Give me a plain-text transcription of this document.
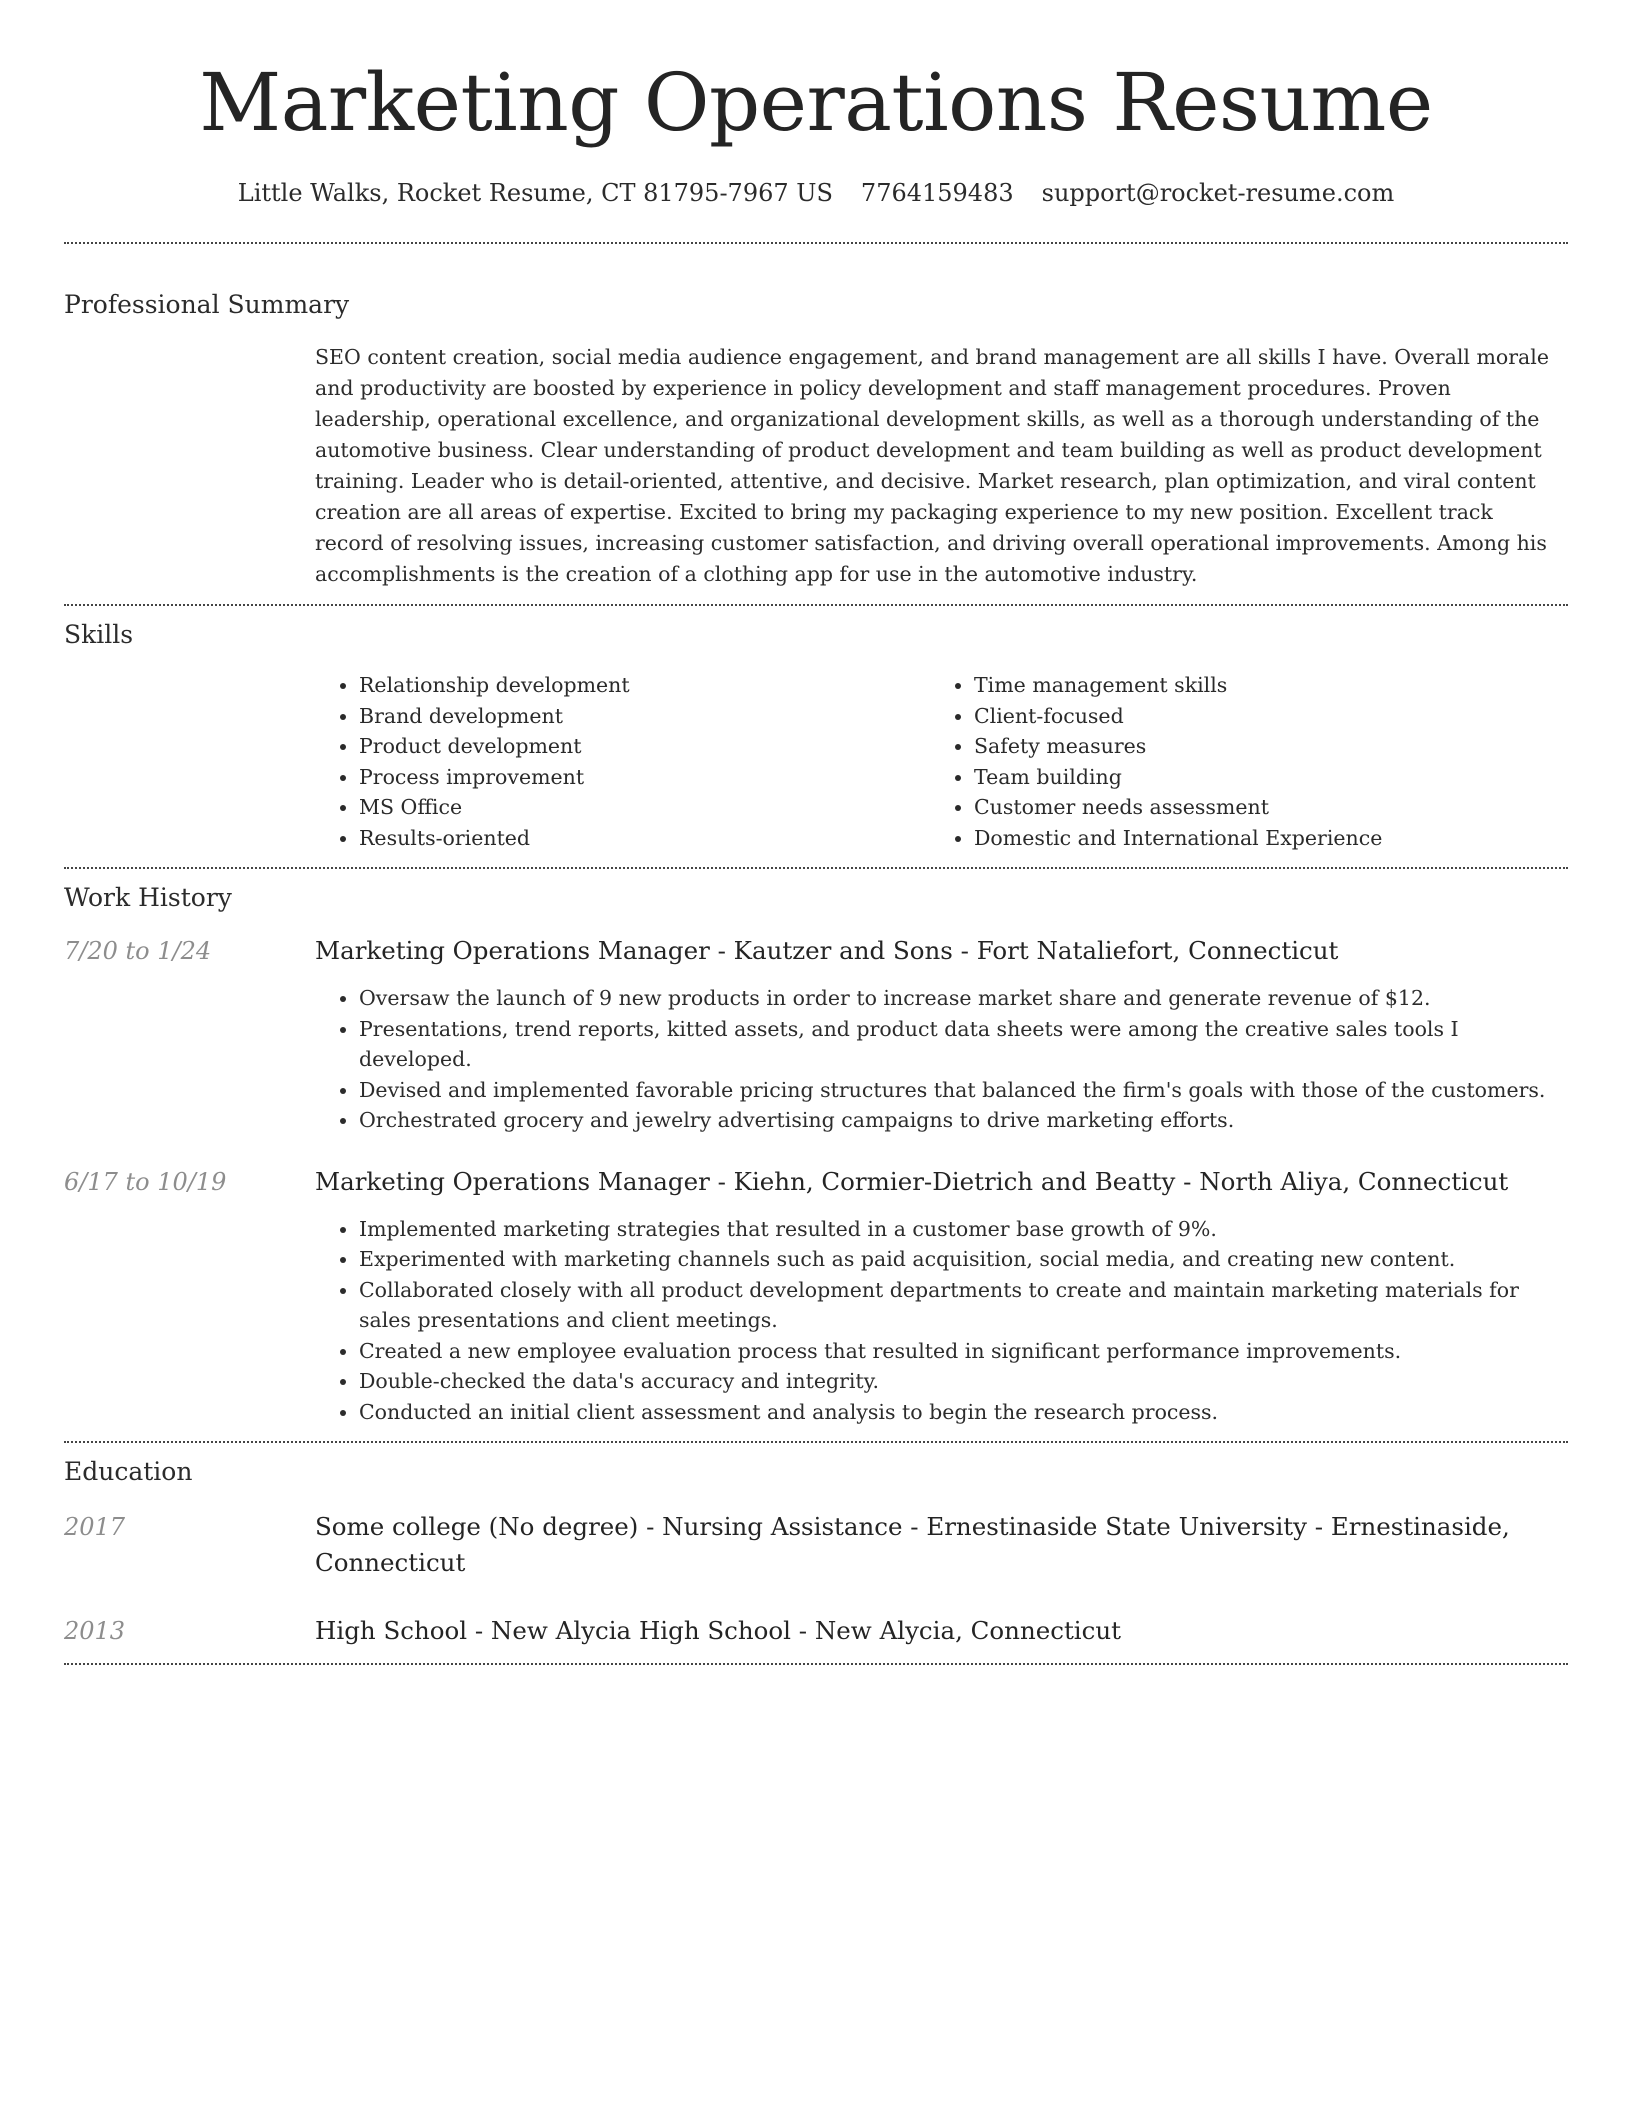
Marketing Operations Resume
Little Walks, Rocket Resume, CT 81795-7967 US 7764159483 support@rocket-resume.com
Professional Summary

SEO content creation, social media audience engagement, and brand management are all skills I have. Overall morale and productivity are boosted by experience in policy development and staff management procedures. Proven leadership, operational excellence, and organizational development skills, as well as a thorough understanding of the automotive business. Clear understanding of product development and team building as well as product development training. Leader who is detail-oriented, attentive, and decisive. Market research, plan optimization, and viral content creation are all areas of expertise. Excited to bring my packaging experience to my new position. Excellent track record of resolving issues, increasing customer satisfaction, and driving overall operational improvements. Among his accomplishments is the creation of a clothing app for use in the automotive industry.

Skills
• Relationship development
• Brand development
• Product development
• Process improvement
• MS Office
• Results-oriented
• Time management skills
• Client-focused
• Safety measures
• Team building
• Customer needs assessment
• Domestic and International Experience
Work History
7/20 to 1/24	Marketing Operations Manager - Kautzer and Sons - Fort Nataliefort, Connecticut
• Oversaw the launch of 9 new products in order to increase market share and generate revenue of $12.
• Presentations, trend reports, kitted assets, and product data sheets were among the creative sales tools I developed.
• Devised and implemented favorable pricing structures that balanced the firm's goals with those of the customers.
• Orchestrated grocery and jewelry advertising campaigns to drive marketing efforts.
6/17 to 10/19	Marketing Operations Manager - Kiehn, Cormier-Dietrich and Beatty - North Aliya, Connecticut
• Implemented marketing strategies that resulted in a customer base growth of 9%.
• Experimented with marketing channels such as paid acquisition, social media, and creating new content.
• Collaborated closely with all product development departments to create and maintain marketing materials for sales presentations and client meetings.
• Created a new employee evaluation process that resulted in significant performance improvements.
• Double-checked the data's accuracy and integrity.
• Conducted an initial client assessment and analysis to begin the research process.
Education
2017	Some college (No degree) - Nursing Assistance - Ernestinaside State University - Ernestinaside, Connecticut
2013	High School - New Alycia High School - New Alycia, Connecticut
